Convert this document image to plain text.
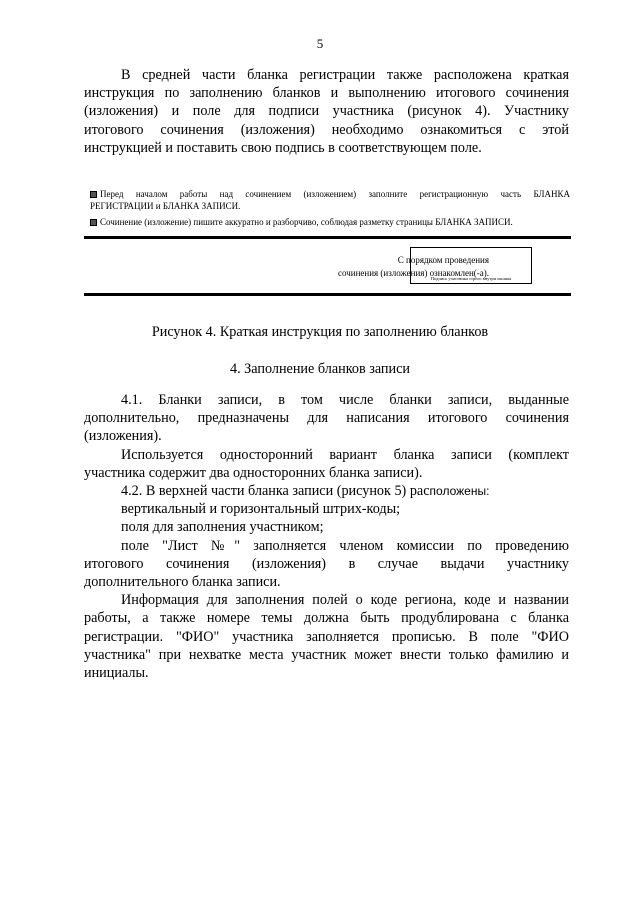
5

В средней части бланка регистрации также расположена краткая

инструкция по заполнению бланков и выполнению итогового сочинения

(изложения) и поле для подписи участника (рисунок 4). Участнику

итогового сочинения (изложения) необходимо ознакомиться с этой

инструкцией и поставить свою подпись в соответствующем поле.

Перед началом работы над сочинением (изложением) заполните регистрационную часть БЛАНКА
РЕГИСТРАЦИИ и БЛАНКА ЗАПИСИ.
Сочинение (изложение) пишите аккуратно и разборчиво, соблюдая разметку страницы БЛАНКА ЗАПИСИ.
С порядком проведения
сочинения (изложения) ознакомлен(-а).
Подпись участника строго внутри окошка
Рисунок 4. Краткая инструкция по заполнению бланков
4. Заполнение бланков записи

4.1. Бланки записи, в том числе бланки записи, выданные

дополнительно, предназначены для написания итогового сочинения

(изложения).

Используется односторонний вариант бланка записи (комплект

участника содержит два односторонних бланка записи).

4.2. В верхней части бланка записи (рисунок 5) расположены:

вертикальный и горизонтальный штрих-коды;

поля для заполнения участником;

поле "Лист №" заполняется членом комиссии по проведению

итогового сочинения (изложения) в случае выдачи участнику

дополнительного бланка записи.

Информация для заполнения полей о коде региона, коде и названии

работы, а также номере темы должна быть продублирована с бланка

регистрации. "ФИО" участника заполняется прописью. В поле "ФИО

участника" при нехватке места участник может внести только фамилию и

инициалы.
